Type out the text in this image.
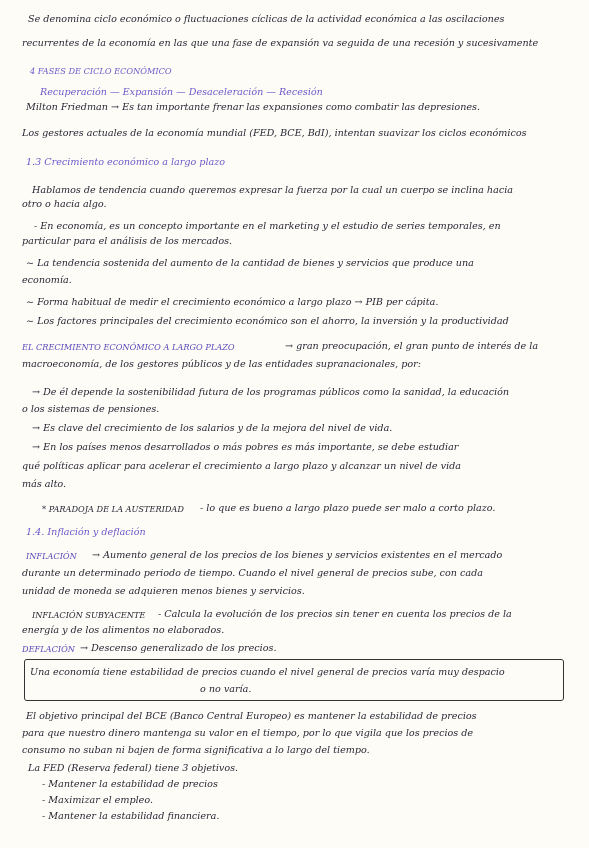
Se denomina ciclo económico o fluctuaciones cíclicas de la actividad económica a las oscilaciones
recurrentes de la economía en las que una fase de expansión va seguida de una recesión y sucesivamente
4 FASES DE CICLO ECONÓMICO
Recuperación — Expansión — Desaceleración — Recesión
Milton Friedman → Es tan importante frenar las expansiones como combatir las depresiones.
Los gestores actuales de la economía mundial (FED, BCE, BdI), intentan suavizar los ciclos económicos
1.3 Crecimiento económico a largo plazo
Hablamos de tendencia cuando queremos expresar la fuerza por la cual un cuerpo se inclina hacia
otro o hacia algo.
- En economía, es un concepto importante en el marketing y el estudio de series temporales, en
particular para el análisis de los mercados.
~ La tendencia sostenida del aumento de la cantidad de bienes y servicios que produce una
economía.
~ Forma habitual de medir el crecimiento económico a largo plazo → PIB per cápita.
~ Los factores principales del crecimiento económico son el ahorro, la inversión y la productividad
EL CRECIMIENTO ECONÓMICO A LARGO PLAZO	→ gran preocupación, el gran punto de interés de la
macroeconomía, de los gestores públicos y de las entidades supranacionales, por:
→ De él depende la sostenibilidad futura de los programas públicos como la sanidad, la educación
o los sistemas de pensiones.
→ Es clave del crecimiento de los salarios y de la mejora del nivel de vida.
→ En los países menos desarrollados o más pobres es más importante, se debe estudiar
qué políticas aplicar para acelerar el crecimiento a largo plazo y alcanzar un nivel de vida
más alto.
* PARADOJA DE LA AUSTERIDAD - lo que es bueno a largo plazo puede ser malo a corto plazo.
1.4. Inflación y deflación
INFLACIÓN → Aumento general de los precios de los bienes y servicios existentes en el mercado
durante un determinado periodo de tiempo. Cuando el nivel general de precios sube, con cada
unidad de moneda se adquieren menos bienes y servicios.
INFLACIÓN SUBYACENTE - Calcula la evolución de los precios sin tener en cuenta los precios de la
energía y de los alimentos no elaborados.
DEFLACIÓN → Descenso generalizado de los precios.
Una economía tiene estabilidad de precios cuando el nivel general de precios varía muy despacio
o no varía.
El objetivo principal del BCE (Banco Central Europeo) es mantener la estabilidad de precios
para que nuestro dinero mantenga su valor en el tiempo, por lo que vigila que los precios de
consumo no suban ni bajen de forma significativa a lo largo del tiempo.
La FED (Reserva federal) tiene 3 objetivos.
- Mantener la estabilidad de precios
- Maximizar el empleo.
- Mantener la estabilidad financiera.
